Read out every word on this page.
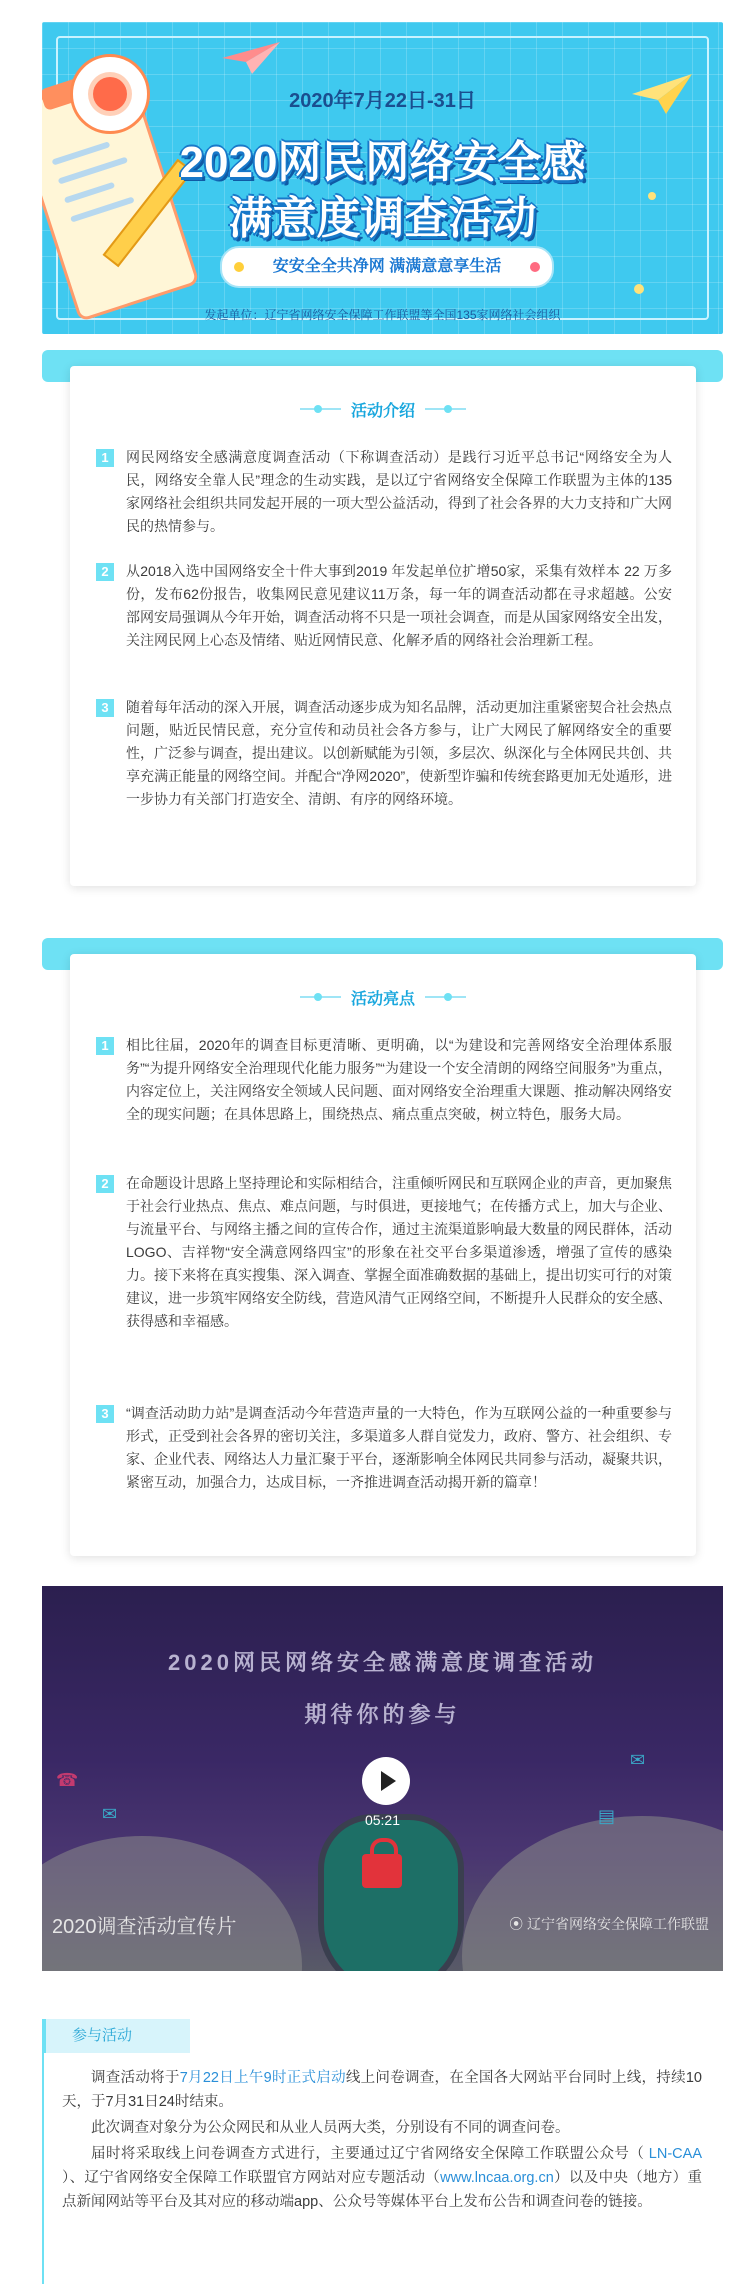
2020年7月22日-31日
2020网民网络安全感
满意度调查活动
安安全全共净网 满满意意享生活
发起单位：辽宁省网络安全保障工作联盟等全国135家网络社会组织
活动介绍
1	网民网络安全感满意度调查活动（下称调查活动）是践行习近平总书记“网络安全为人民，网络安全靠人民”理念的生动实践，是以辽宁省网络安全保障工作联盟为主体的135家网络社会组织共同发起开展的一项大型公益活动，得到了社会各界的大力支持和广大网民的热情参与。
2	从2018入选中国网络安全十件大事到2019 年发起单位扩增50家，采集有效样本 22 万多份，发布62份报告，收集网民意见建议11万条，每一年的调查活动都在寻求超越。公安部网安局强调从今年开始，调查活动将不只是一项社会调查，而是从国家网络安全出发，关注网民网上心态及情绪、贴近网情民意、化解矛盾的网络社会治理新工程。
3	随着每年活动的深入开展，调查活动逐步成为知名品牌，活动更加注重紧密契合社会热点问题，贴近民情民意，充分宣传和动员社会各方参与，让广大网民了解网络安全的重要性，广泛参与调查，提出建议。以创新赋能为引领，多层次、纵深化与全体网民共创、共享充满正能量的网络空间。并配合“净网2020”，使新型诈骗和传统套路更加无处遁形，进一步协力有关部门打造安全、清朗、有序的网络环境。
活动亮点
1	相比往届，2020年的调查目标更清晰、更明确，以“为建设和完善网络安全治理体系服务”“为提升网络安全治理现代化能力服务”“为建设一个安全清朗的网络空间服务”为重点，内容定位上，关注网络安全领域人民问题、面对网络安全治理重大课题、推动解决网络安全的现实问题；在具体思路上，围绕热点、痛点重点突破，树立特色，服务大局。
2	在命题设计思路上坚持理论和实际相结合，注重倾听网民和互联网企业的声音，更加聚焦于社会行业热点、焦点、难点问题，与时俱进，更接地气；在传播方式上，加大与企业、与流量平台、与网络主播之间的宣传合作，通过主流渠道影响最大数量的网民群体，活动LOGO、吉祥物“安全满意网络四宝”的形象在社交平台多渠道渗透，增强了宣传的感染力。接下来将在真实搜集、深入调查、掌握全面准确数据的基础上，提出切实可行的对策建议，进一步筑牢网络安全防线，营造风清气正网络空间，不断提升人民群众的安全感、获得感和幸福感。
3	“调查活动助力站”是调查活动今年营造声量的一大特色，作为互联网公益的一种重要参与形式，正受到社会各界的密切关注，多渠道多人群自觉发力，政府、警方、社会组织、专家、企业代表、网络达人力量汇聚于平台，逐渐影响全体网民共同参与活动，凝聚共识，紧密互动，加强合力，达成目标，一齐推进调查活动揭开新的篇章！
☎
✉
✉
▤
2020网民网络安全感满意度调查活动
期待你的参与
05:21
2020调查活动宣传片
⦿	辽宁省网络安全保障工作联盟
参与活动
调查活动将于7月22日上午9时正式启动线上问卷调查，在全国各大网站平台同时上线，持续10天，于7月31日24时结束。
此次调查对象分为公众网民和从业人员两大类，分别设有不同的调查问卷。
届时将采取线上问卷调查方式进行，主要通过辽宁省网络安全保障工作联盟公众号（ LN-CAA ）、辽宁省网络安全保障工作联盟官方网站对应专题活动（www.lncaa.org.cn）以及中央（地方）重点新闻网站等平台及其对应的移动端app、公众号等媒体平台上发布公告和调查问卷的链接。
